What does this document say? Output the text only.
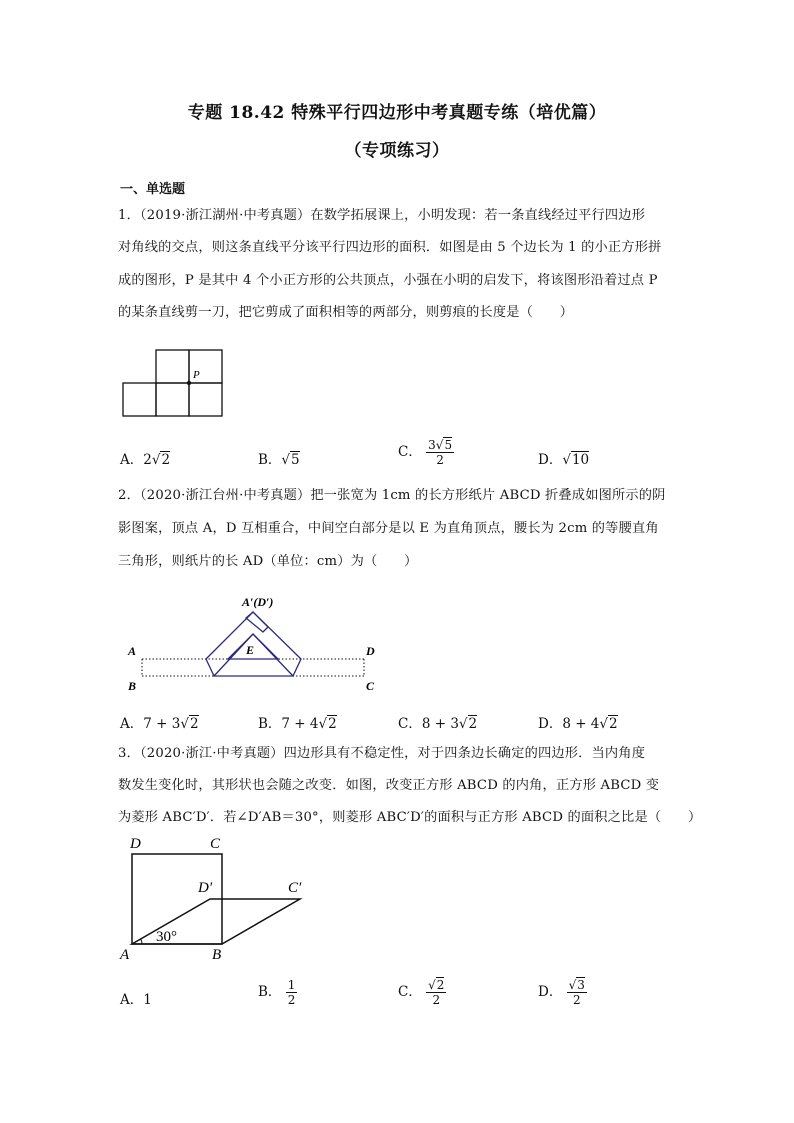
专题 18.42 特殊平行四边形中考真题专练（培优篇）
（专项练习）
一、单选题
1．（2019·浙江湖州·中考真题）在数学拓展课上，小明发现：若一条直线经过平行四边形
对角线的交点，则这条直线平分该平行四边形的面积．如图是由 5 个边长为 1 的小正方形拼
成的图形，P 是其中 4 个小正方形的公共顶点，小强在小明的启发下，将该图形沿着过点 P
的某条直线剪一刀，把它剪成了面积相等的两部分，则剪痕的长度是（　　）
P
A．2√2	B．√5	C． $\frac{3√5}{2}$	D．√10
2．（2020·浙江台州·中考真题）把一张宽为 1cm 的长方形纸片 ABCD 折叠成如图所示的阴
影图案，顶点 A，D 互相重合，中间空白部分是以 E 为直角顶点，腰长为 2cm 的等腰直角
三角形，则纸片的长 AD（单位：cm）为（　　）
A′(D′)
E
A
B
D
C
A．7 + 3√2	B．7 + 4√2	C．8 + 3√2	D．8 + 4√2
3．（2020·浙江·中考真题）四边形具有不稳定性，对于四条边长确定的四边形．当内角度
数发生变化时，其形状也会随之改变．如图，改变正方形 ABCD 的内角，正方形 ABCD 变
为菱形 ABC′D′．若∠D′AB＝30°，则菱形 ABC′D′的面积与正方形 ABCD 的面积之比是（　　）
D	C
D′	C′
A	B
30°
A．1	B． $\frac{1}{2}$	C． $\frac{√2}{2}$	D． $\frac{√3}{2}$
